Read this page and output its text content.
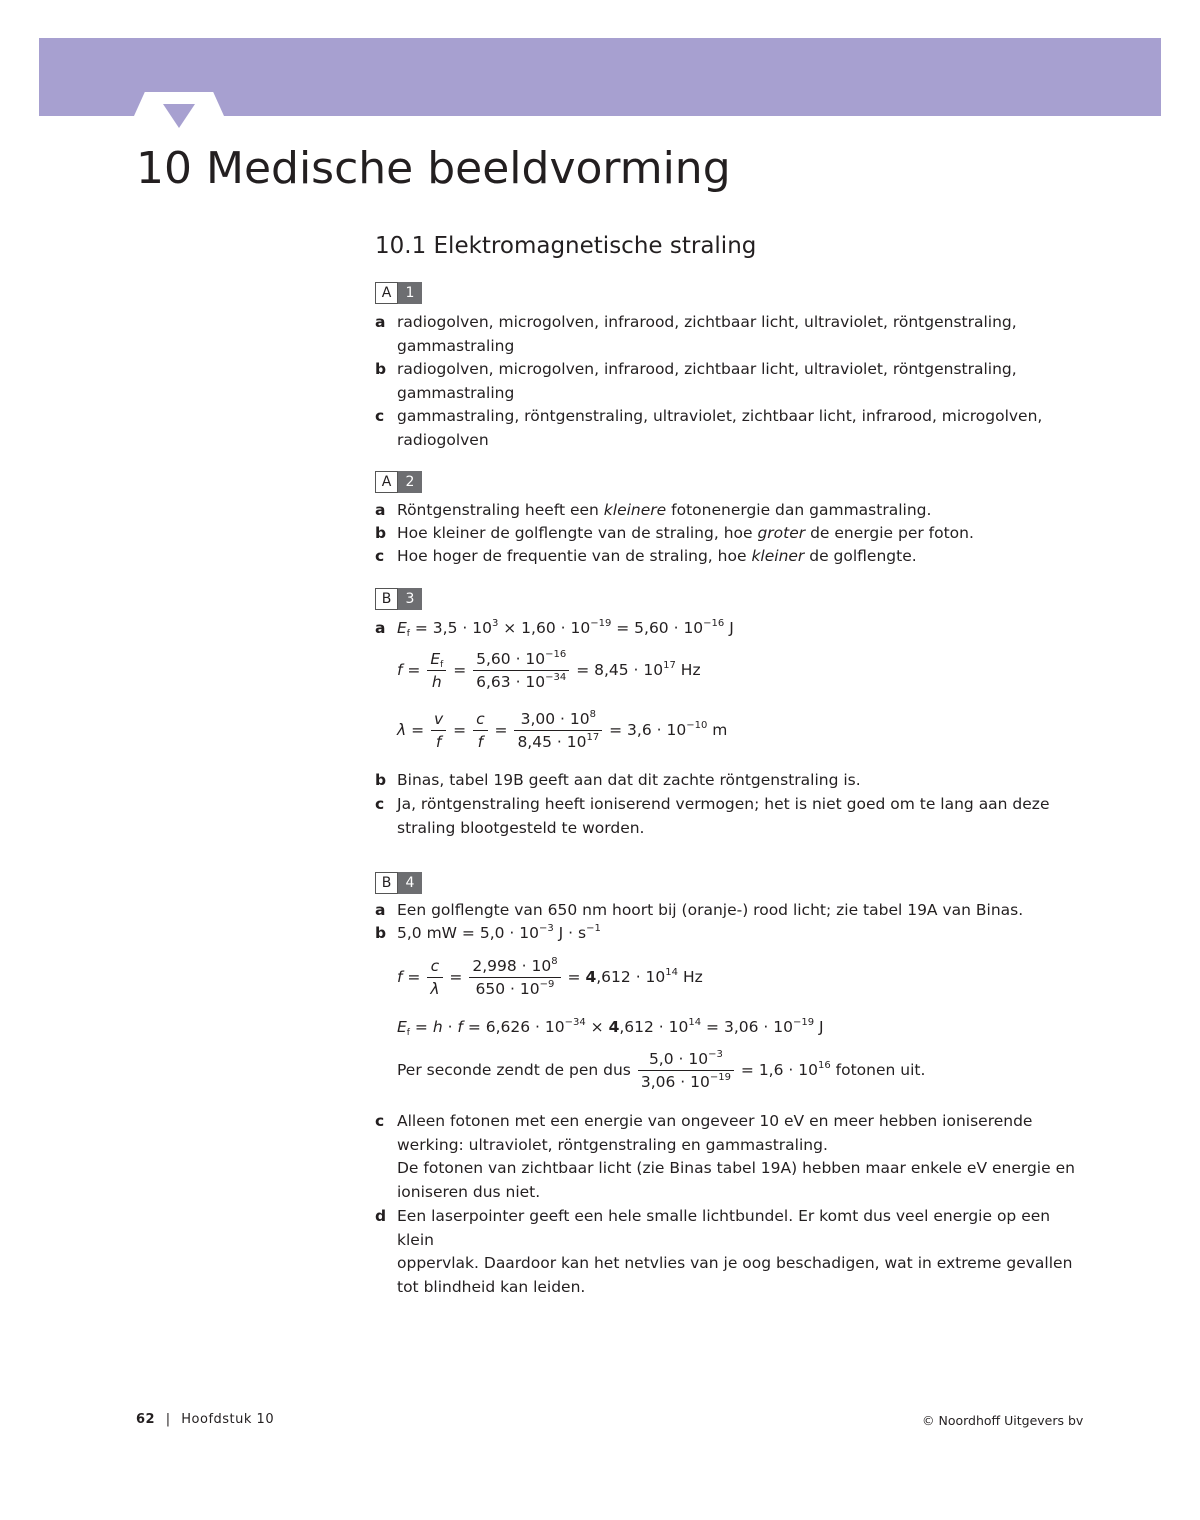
10 Medische beeldvorming
10.1 Elektromagnetische straling
A	1
a radiogolven, microgolven, infrarood, zichtbaar licht, ultraviolet, röntgenstraling,
gammastraling
b radiogolven, microgolven, infrarood, zichtbaar licht, ultraviolet, röntgenstraling,
gammastraling
c gammastraling, röntgenstraling, ultraviolet, zichtbaar licht, infrarood, microgolven,
radiogolven
A	2
a Röntgenstraling heeft een kleinere fotonenergie dan gammastraling.
b Hoe kleiner de golflengte van de straling, hoe groter de energie per foton.
c Hoe hoger de frequentie van de straling, hoe kleiner de golflengte.
B	3
a $E_f = 3,5 \cdot 10^3 \times 1,60 \cdot 10^{-19} = 5,60 \cdot 10^{-16}$ J
$f = \frac{E_f}{h} = \frac{5,60 \cdot 10^{-16}}{6,63 \cdot 10^{-34}} = 8,45 \cdot 10^{17}$ Hz
$\lambda = \frac{v}{f} = \frac{c}{f} = \frac{3,00 \cdot 10^8}{8,45 \cdot 10^{17}} = 3,6 \cdot 10^{-10}$ m
b Binas, tabel 19B geeft aan dat dit zachte röntgenstraling is.
c Ja, röntgenstraling heeft ioniserend vermogen; het is niet goed om te lang aan deze
straling blootgesteld te worden.
B	4
a Een golflengte van 650 nm hoort bij (oranje-) rood licht; zie tabel 19A van Binas.
b 5,0 mW = $5,0 \cdot 10^{-3}$ $J \cdot s^{-1}$
$f = \frac{c}{\lambda} = \frac{2,998 \cdot 10^8}{650 \cdot 10^{-9}} = 4,612 \cdot 10^{14}$ Hz
$E_f = h \cdot f = 6,626 \cdot 10^{-34} \times 4,612 \cdot 10^{14} = 3,06 \cdot 10^{-19}$ J
Per seconde zendt de pen dus $\frac{5,0 \cdot 10^{-3}}{3,06 \cdot 10^{-19}} = 1,6 \cdot 10^{16}$ fotonen uit.
c Alleen fotonen met een energie van ongeveer 10 eV en meer hebben ioniserende
werking: ultraviolet, röntgenstraling en gammastraling.
De fotonen van zichtbaar licht (zie Binas tabel 19A) hebben maar enkele eV energie en
ioniseren dus niet.
d Een laserpointer geeft een hele smalle lichtbundel. Er komt dus veel energie op een klein
oppervlak. Daardoor kan het netvlies van je oog beschadigen, wat in extreme gevallen
tot blindheid kan leiden.
62 | Hoofdstuk 10	© Noordhoff Uitgevers bv
